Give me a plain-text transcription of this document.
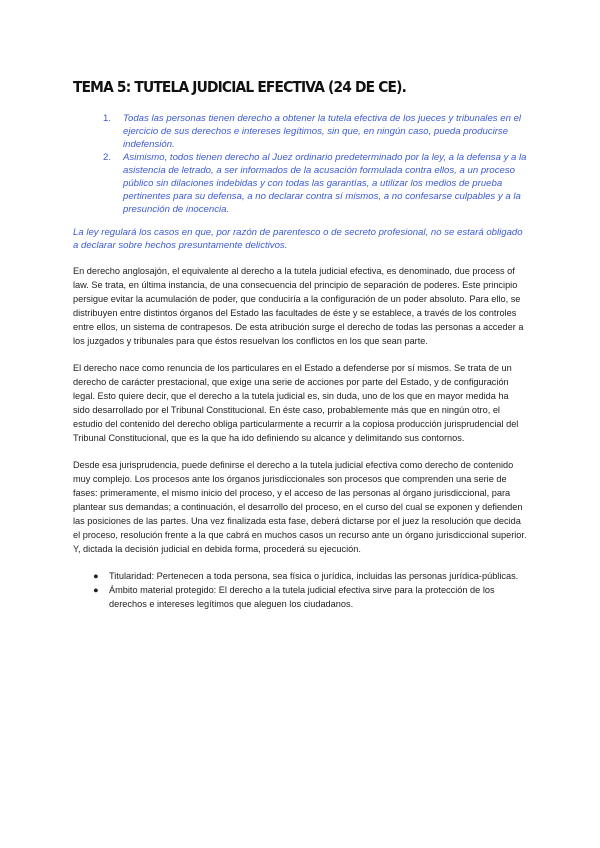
TEMA 5: TUTELA JUDICIAL EFECTIVA (24 DE CE).
1. Todas las personas tienen derecho a obtener la tutela efectiva de los jueces y tribunales en el ejercicio de sus derechos e intereses legítimos, sin que, en ningún caso, pueda producirse indefensión.
2. Asimismo, todos tienen derecho al Juez ordinario predeterminado por la ley, a la defensa y a la asistencia de letrado, a ser informados de la acusación formulada contra ellos, a un proceso público sin dilaciones indebidas y con todas las garantías, a utilizar los medios de prueba pertinentes para su defensa, a no declarar contra sí mismos, a no confesarse culpables y a la presunción de inocencia.

La ley regulará los casos en que, por razón de parentesco o de secreto profesional, no se estará obligado a declarar sobre hechos presuntamente delictivos.

En derecho anglosajón, el equivalente al derecho a la tutela judicial efectiva, es denominado, due process of law. Se trata, en última instancia, de una consecuencia del principio de separación de poderes. Este principio persigue evitar la acumulación de poder, que conduciría a la configuración de un poder absoluto. Para ello, se distribuyen entre distintos órganos del Estado las facultades de éste y se establece, a través de los controles entre ellos, un sistema de contrapesos. De esta atribución surge el derecho de todas las personas a acceder a los juzgados y tribunales para que éstos resuelvan los conflictos en los que sean parte.

El derecho nace como renuncia de los particulares en el Estado a defenderse por sí mismos. Se trata de un derecho de carácter prestacional, que exige una serie de acciones por parte del Estado, y de configuración legal. Esto quiere decir, que el derecho a la tutela judicial es, sin duda, uno de los que en mayor medida ha sido desarrollado por el Tribunal Constitucional. En éste caso, probablemente más que en ningún otro, el estudio del contenido del derecho obliga particularmente a recurrir a la copiosa producción jurisprudencial del Tribunal Constitucional, que es la que ha ido definiendo su alcance y delimitando sus contornos.

Desde esa jurisprudencia, puede definirse el derecho a la tutela judicial efectiva como derecho de contenido muy complejo. Los procesos ante los órganos jurisdiccionales son procesos que comprenden una serie de fases: primeramente, el mismo inicio del proceso, y el acceso de las personas al órgano jurisdiccional, para plantear sus demandas; a continuación, el desarrollo del proceso, en el curso del cual se exponen y defienden las posiciones de las partes. Una vez finalizada esta fase, deberá dictarse por el juez la resolución que decida el proceso, resolución frente a la que cabrá en muchos casos un recurso ante un órgano jurisdiccional superior. Y, dictada la decisión judicial en debida forma, procederá su ejecución.

● Titularidad: Pertenecen a toda persona, sea física o jurídica, incluidas las personas jurídica-públicas.
● Ámbito material protegido: El derecho a la tutela judicial efectiva sirve para la protección de los derechos e intereses legítimos que aleguen los ciudadanos.
